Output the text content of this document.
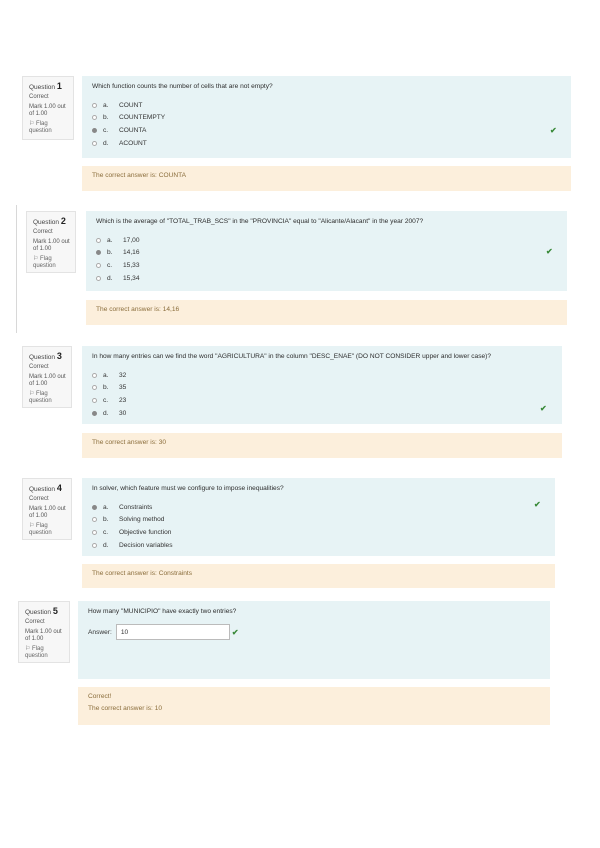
Question 1
Correct
Mark 1.00 out of 1.00
⚐ Flag question

Which function counts the number of cells that are not empty?

a.	COUNT
b.	COUNTEMPTY
c.	COUNTA
d.	ACOUNT
✔
The correct answer is: COUNTA
Question 2
Correct
Mark 1.00 out of 1.00
⚐ Flag question

Which is the average of "TOTAL_TRAB_SCS" in the "PROVINCIA" equal to "Alicante/Alacant" in the year 2007?

a.	17,00
b.	14,16
c.	15,33
d.	15,34
✔
The correct answer is: 14,16
Question 3
Correct
Mark 1.00 out of 1.00
⚐ Flag question

In how many entries can we find the word "AGRICULTURA" in the column "DESC_ENAE" (DO NOT CONSIDER upper and lower case)?

a.	32
b.	35
c.	23
d.	30
✔
The correct answer is: 30
Question 4
Correct
Mark 1.00 out of 1.00
⚐ Flag question

In solver, which feature must we configure to impose inequalities?

a.	Constraints
b.	Solving method
c.	Objective function
d.	Decision variables
✔
The correct answer is: Constraints
Question 5
Correct
Mark 1.00 out of 1.00
⚐ Flag question

How many "MUNICIPIO" have exactly two entries?

Answer:	10	✔
Correct!
The correct answer is: 10
